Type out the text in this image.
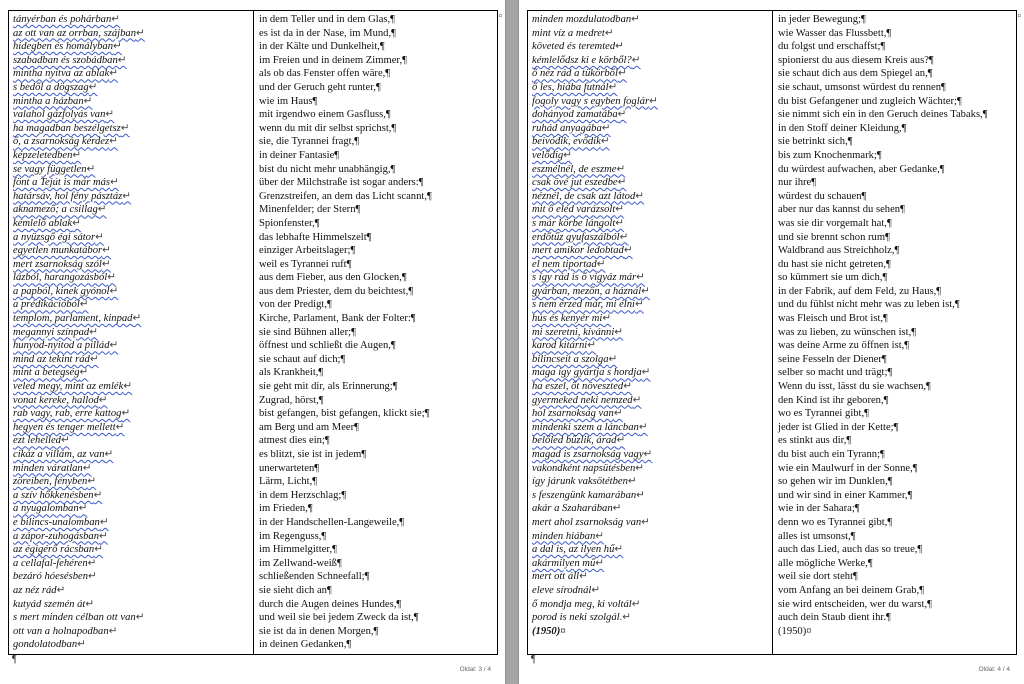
tányérban és pohárban↵
az ott van az orrban, szájban↵
hidegben és homályban↵
szabadban és szobádban↵
mintha nyitva az ablak↵
s bedől a dögszag↵
mintha a házban↵
valahol gázfolyás van↵
ha magadban beszélgetsz↵
ő, a zsarnokság kérdez↵
képzeletedben↵
se vagy független↵
fönt a Tejút is már más↵
határsáv, hol fény pásztáz↵
aknamező; a csillag↵
kémlelő ablak↵
a nyüzsgő égi sátor↵
egyetlen munkatábor↵
mert zsarnokság szól↵
lázból, harangozásból↵
a papból, kinek gyónol↵
a prédikációból↵
templom, parlament, kinpad↵
megannyi színpad↵
hunyod-nyitod a pillád↵
mind az tekint rád↵
mint a betegség↵
veled megy, mint az emlék↵
vonat kereke, hallod↵
rab vagy, rab, erre kattog↵
hegyen és tenger mellett↵
ezt lehelled↵
cikáz a villám, az van↵
minden váratlan↵
zöreiben, fényben↵
a szív hőkkenésben↵
a nyugalomban↵
e bilincs-unalomban↵
a zápor-zuhogásban↵
az égigérő rácsban↵
a cellafal-fehéren↵
bezáró hóesésben↵
az néz rád↵
kutyád szemén át↵
s mert minden célban ott van↵
ott van a holnapodban↵
gondolatodban↵
in dem Teller und in dem Glas,¶
es ist da in der Nase, im Mund,¶
in der Kälte und Dunkelheit,¶
im Freien und in deinem Zimmer,¶
als ob das Fenster offen wäre,¶
und der Geruch geht runter,¶
wie im Haus¶
mit irgendwo einem Gasfluss,¶
wenn du mit dir selbst sprichst,¶
sie, die Tyrannei fragt,¶
in deiner Fantasie¶
bist du nicht mehr unabhängig,¶
über der Milchstraße ist sogar anders:¶
Grenzstreifen, an dem das Licht scannt,¶
Minenfelder; der Stern¶
Spionfenster,¶
das lebhafte Himmelszelt¶
einziger Arbeitslager;¶
weil es Tyrannei ruft¶
aus dem Fieber, aus den Glocken,¶
aus dem Priester, dem du beichtest,¶
von der Predigt,¶
Kirche, Parlament, Bank der Folter:¶
sie sind Bühnen aller;¶
öffnest und schließt die Augen,¶
sie schaut auf dich;¶
als Krankheit,¶
sie geht mit dir, als Erinnerung;¶
Zugrad, hörst,¶
bist gefangen, bist gefangen, klickt sie;¶
am Berg und am Meer¶
atmest dies ein;¶
es blitzt, sie ist in jedem¶
unerwarteten¶
Lärm, Licht,¶
in dem Herzschlag;¶
im Frieden,¶
in der Handschellen-Langeweile,¶
im Regenguss,¶
im Himmelgitter,¶
im Zellwand-weiß¶
schließenden Schneefall;¶
sie sieht dich an¶
durch die Augen deines Hundes,¶
und weil sie bei jedem Zweck da ist,¶
sie ist da in denen Morgen,¶
in deinen Gedanken,¶
¤
¶
Oldal: 3 / 4
minden mozdulatodban↵
mint víz a medret↵
követed és teremted↵
kémlelődsz ki e körből?↵
ő néz rád a tükörből↵
ő les, hiába futnál↵
fogoly vagy s egyben foglár↵
dohányod zamatába↵
ruhád anyagába↵
beivódik, evődik↵
velődig↵
eszmélnél, de eszme↵
csak övé jut eszedbe↵
néznél, de csak azt látod↵
mit ő eléd varázsolt↵
s már körbe lángolt↵
erdőtűz gyufaszálból↵
mert amikor ledobtad↵
el nem tiportad↵
s így rád is ő vigyáz már↵
gyárban, mezőn, a háznál↵
s nem érzed már, mi élni↵
hús és kenyér mi↵
mi szeretni, kívánni↵
karod kitárni↵
bilincseit a szolga↵
maga így gyártja s hordja↵
ha eszel, őt növeszted↵
gyermeked neki nemzed↵
hol zsarnokság van↵
mindenki szem a láncban↵
belőled bűzlik, árad↵
magad is zsarnokság vagy↵
vakondként napsütésben↵
így járunk vaksötétben↵
s feszengünk kamarában↵
akár a Szaharában↵
mert ahol zsarnokság van↵
minden hiában↵
a dal is, az ilyen hű↵
akármilyen mű↵
mert ott áll↵
eleve sírodnál↵
ő mondja meg, ki voltál↵
porod is neki szolgál.↵
(1950)¤
in jeder Bewegung;¶
wie Wasser das Flussbett,¶
du folgst und erschaffst;¶
spionierst du aus diesem Kreis aus?¶
sie schaut dich aus dem Spiegel an,¶
sie schaut, umsonst würdest du rennen¶
du bist Gefangener und zugleich Wächter;¶
sie nimmt sich ein in den Geruch deines Tabaks,¶
in den Stoff deiner Kleidung,¶
sie betrinkt sich,¶
bis zum Knochenmark;¶
du würdest aufwachen, aber Gedanke,¶
nur ihre¶
würdest du schauen¶
aber nur das kannst du sehen¶
was sie dir vorgemalt hat,¶
und sie brennt schon rum¶
Waldbrand aus Streichholz,¶
du hast sie nicht getreten,¶
so kümmert sie um dich,¶
in der Fabrik, auf dem Feld, zu Haus,¶
und du fühlst nicht mehr was zu leben ist,¶
was Fleisch und Brot ist,¶
was zu lieben, zu wünschen ist,¶
was deine Arme zu öffnen ist,¶
seine Fesseln der Diener¶
selber so macht und trägt;¶
Wenn du isst, lässt du sie wachsen,¶
den Kind ist ihr geboren,¶
wo es Tyrannei gibt,¶
jeder ist Glied in der Kette;¶
es stinkt aus dir,¶
du bist auch ein Tyrann;¶
wie ein Maulwurf in der Sonne,¶
so gehen wir im Dunklen,¶
und wir sind in einer Kammer,¶
wie in der Sahara;¶
denn wo es Tyrannei gibt,¶
alles ist umsonst,¶
auch das Lied, auch das so treue,¶
alle mögliche Werke,¶
weil sie dort steht¶
vom Anfang an bei deinem Grab,¶
sie wird entscheiden, wer du warst,¶
auch dein Staub dient ihr.¶
(1950)¤
¤
¶
Oldal: 4 / 4
